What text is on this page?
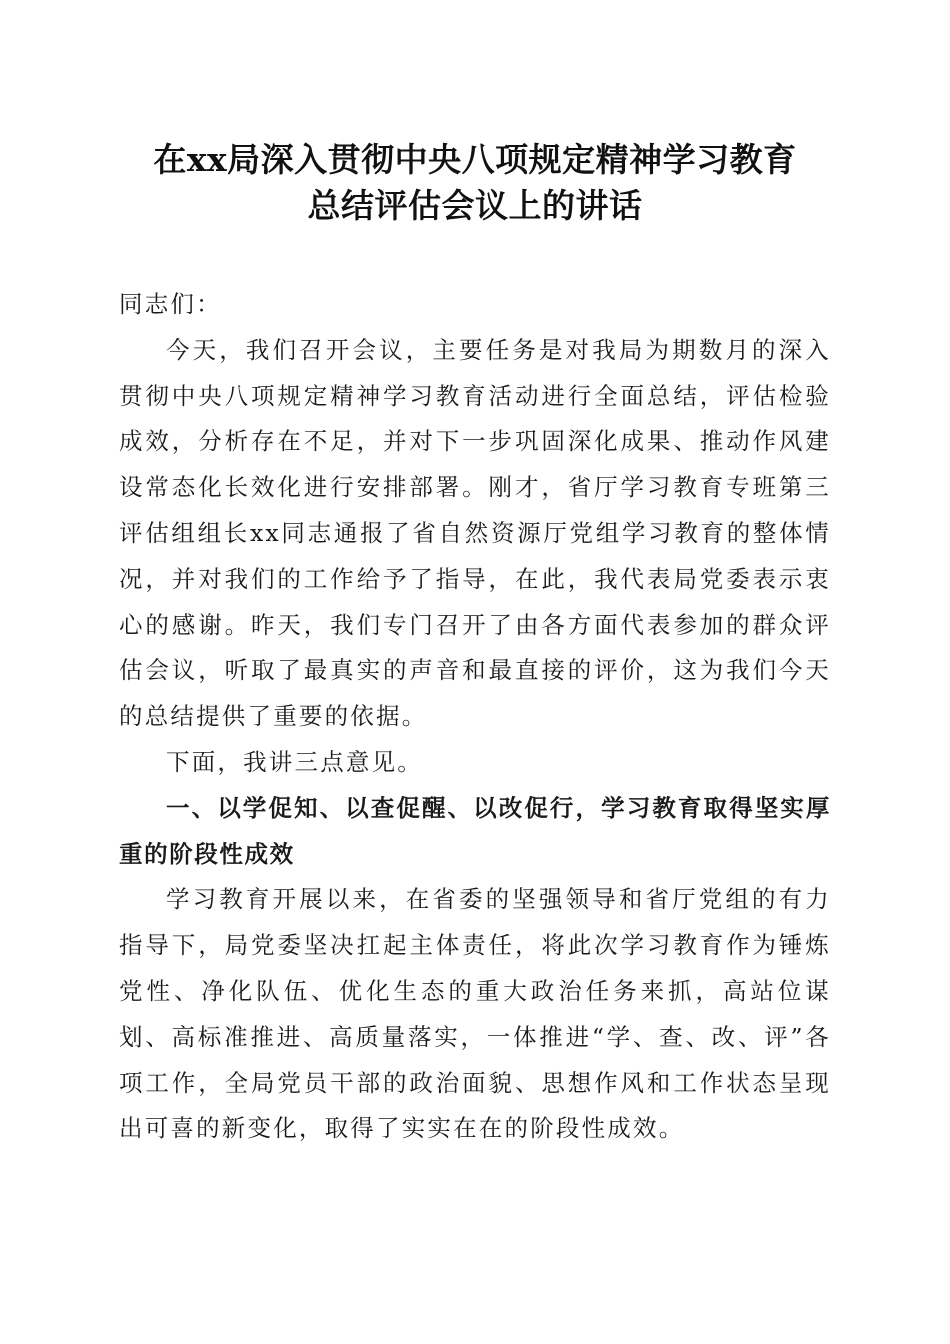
在xx局深入贯彻中央八项规定精神学习教育
总结评估会议上的讲话

同志们：

今天，我们召开会议，主要任务是对我局为期数月的深入贯彻中央八项规定精神学习教育活动进行全面总结，评估检验成效，分析存在不足，并对下一步巩固深化成果、推动作风建设常态化长效化进行安排部署。刚才，省厅学习教育专班第三评估组组长xx同志通报了省自然资源厅党组学习教育的整体情况，并对我们的工作给予了指导，在此，我代表局党委表示衷心的感谢。昨天，我们专门召开了由各方面代表参加的群众评估会议，听取了最真实的声音和最直接的评价，这为我们今天的总结提供了重要的依据。

下面，我讲三点意见。

一、以学促知、以查促醒、以改促行，学习教育取得坚实厚重的阶段性成效

学习教育开展以来，在省委的坚强领导和省厅党组的有力指导下，局党委坚决扛起主体责任，将此次学习教育作为锤炼党性、净化队伍、优化生态的重大政治任务来抓，高站位谋划、高标准推进、高质量落实，一体推进“学、查、改、评”各项工作，全局党员干部的政治面貌、思想作风和工作状态呈现出可喜的新变化，取得了实实在在的阶段性成效。
